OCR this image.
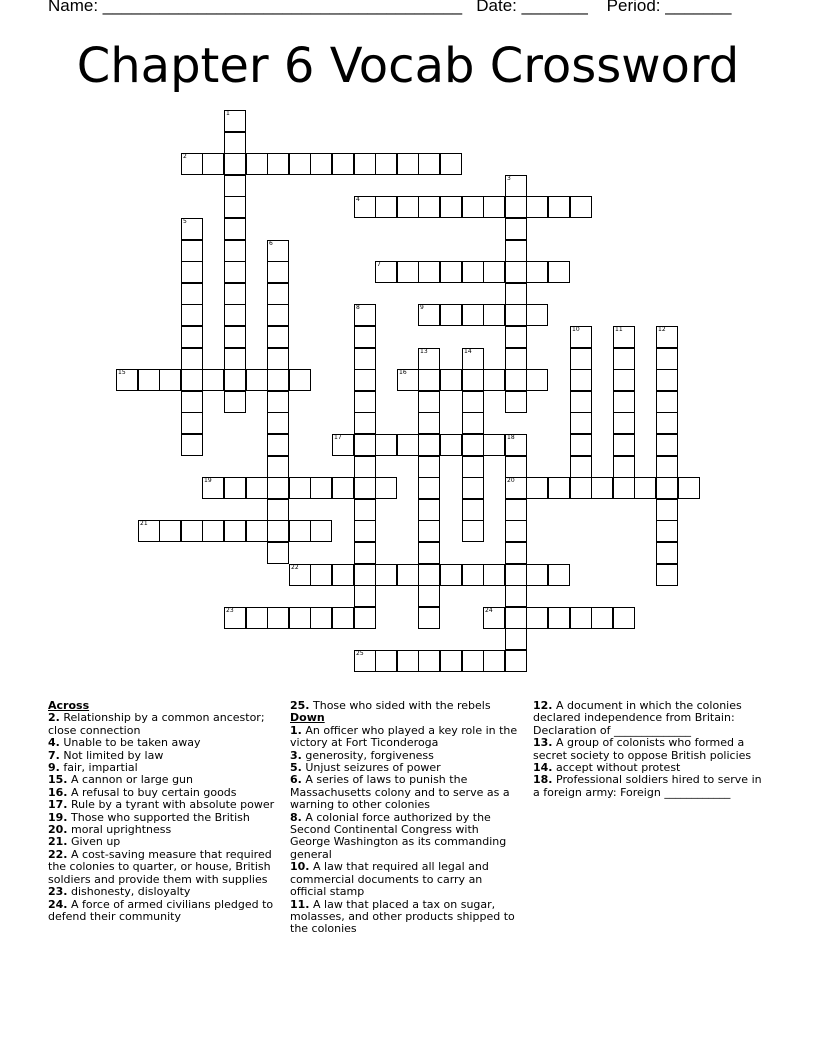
Name: ______________________________________   Date: _______    Period: _______
Chapter 6 Vocab Crossword
1
2
3
4
5
6
7
8	9
10	11	12
13	14
15	16
17	18
20
19
21
22
23	24
25
Across
2. Relationship by a common ancestor; close connection
4. Unable to be taken away
7. Not limited by law
9. fair, impartial
15. A cannon or large gun
16. A refusal to buy certain goods
17. Rule by a tyrant with absolute power
19. Those who supported the British
20. moral uprightness
21. Given up
22. A cost-saving measure that required the colonies to quarter, or house, British soldiers and provide them with supplies
23. dishonesty, disloyalty
24. A force of armed civilians pledged to defend their community
25. Those who sided with the rebels
Down
1. An officer who played a key role in the victory at Fort Ticonderoga
3. generosity, forgiveness
5. Unjust seizures of power
6. A series of laws to punish the Massachusetts colony and to serve as a warning to other colonies
8. A colonial force authorized by the Second Continental Congress with George Washington as its commanding general
10. A law that required all legal and commercial documents to carry an official stamp
11. A law that placed a tax on sugar, molasses, and other products shipped to the colonies
12. A document in which the colonies declared independence from Britain: Declaration of ______________
13. A group of colonists who formed a secret society to oppose British policies
14. accept without protest
18. Professional soldiers hired to serve in a foreign army: Foreign ____________
